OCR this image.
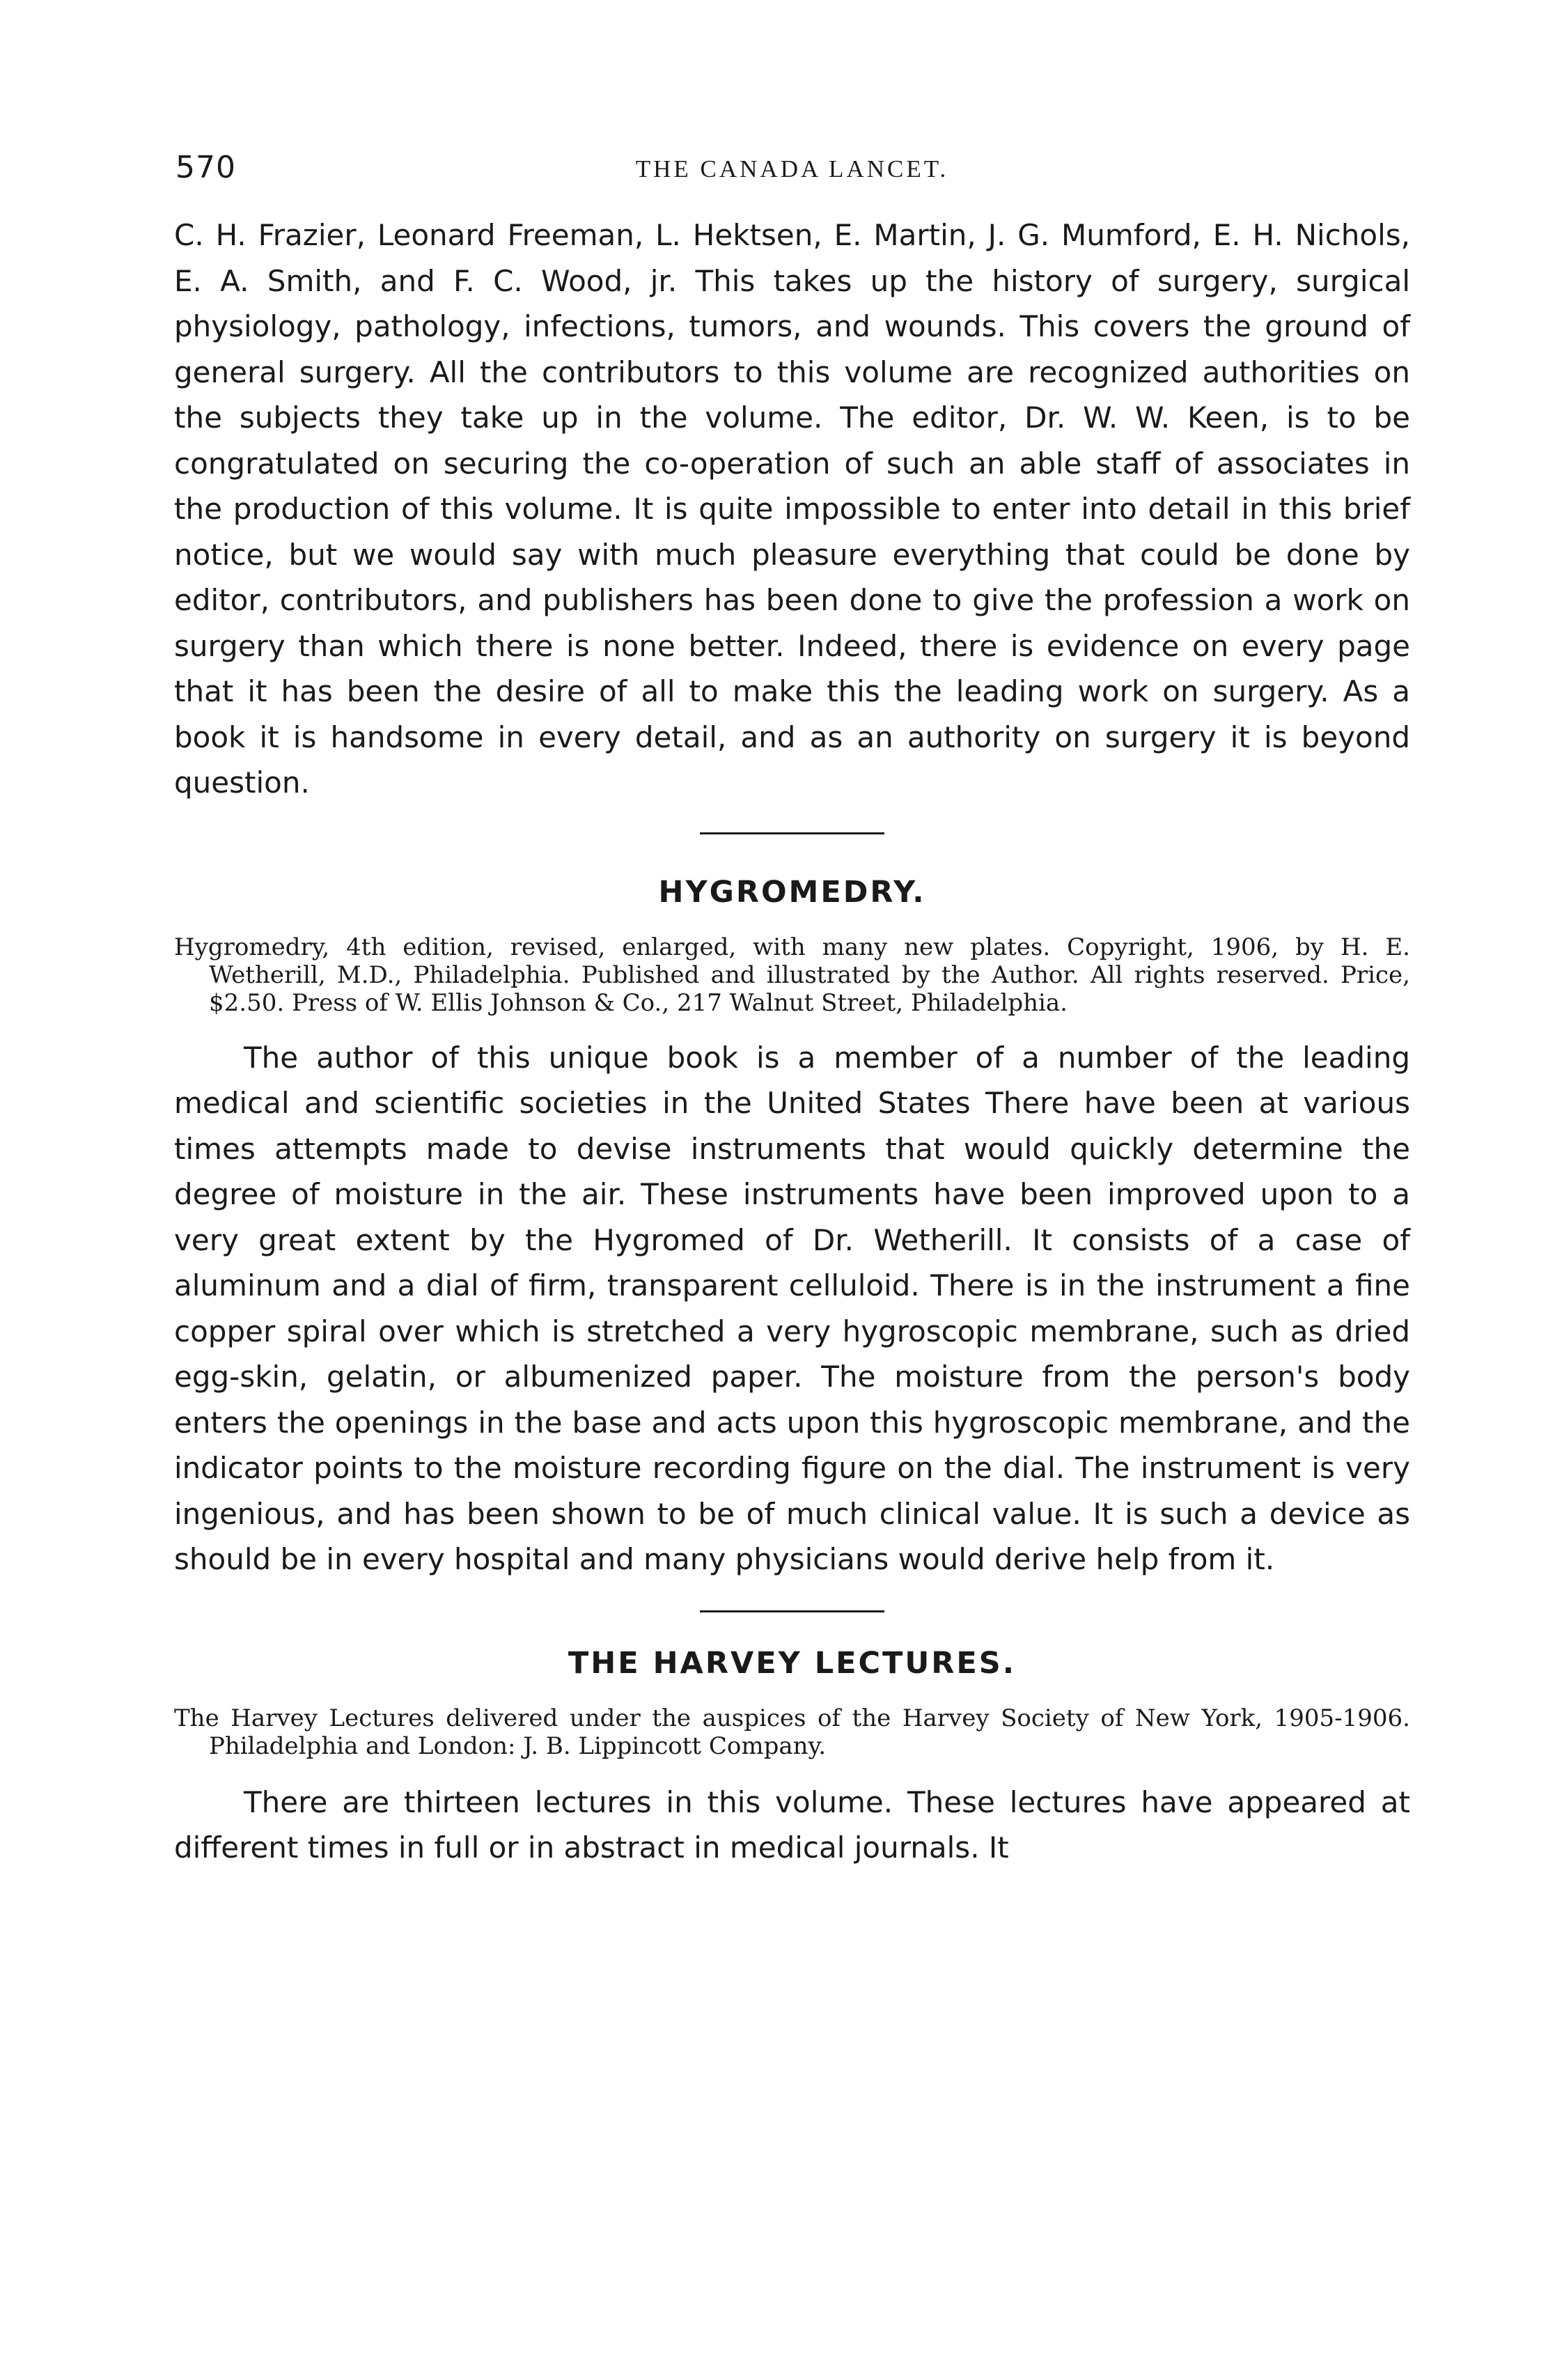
570	THE CANADA LANCET.

C. H. Frazier, Leonard Freeman, L. Hektsen, E. Martin, J. G. Mumford, E. H. Nichols, E. A. Smith, and F. C. Wood, jr. This takes up the history of surgery, surgical physiology, pathology, infections, tumors, and wounds. This covers the ground of general surgery. All the contributors to this volume are recognized authorities on the subjects they take up in the volume. The editor, Dr. W. W. Keen, is to be congratulated on securing the co-operation of such an able staff of associates in the production of this volume. It is quite impossible to enter into detail in this brief notice, but we would say with much pleasure everything that could be done by editor, contributors, and publishers has been done to give the profession a work on surgery than which there is none better. Indeed, there is evidence on every page that it has been the desire of all to make this the leading work on surgery. As a book it is handsome in every detail, and as an authority on surgery it is beyond question.

HYGROMEDRY.

Hygromedry, 4th edition, revised, enlarged, with many new plates. Copyright, 1906, by H. E. Wetherill, M.D., Philadelphia. Published and illustrated by the Author. All rights reserved. Price, $2.50. Press of W. Ellis Johnson & Co., 217 Walnut Street, Philadelphia.

The author of this unique book is a member of a number of the leading medical and scientific societies in the United States There have been at various times attempts made to devise instruments that would quickly determine the degree of moisture in the air. These instruments have been improved upon to a very great extent by the Hygromed of Dr. Wetherill. It consists of a case of aluminum and a dial of firm, transparent celluloid. There is in the instrument a fine copper spiral over which is stretched a very hygroscopic membrane, such as dried egg-skin, gelatin, or albumenized paper. The moisture from the person's body enters the openings in the base and acts upon this hygroscopic membrane, and the indicator points to the moisture recording figure on the dial. The instrument is very ingenious, and has been shown to be of much clinical value. It is such a device as should be in every hospital and many physicians would derive help from it.

THE HARVEY LECTURES.

The Harvey Lectures delivered under the auspices of the Harvey Society of New York, 1905-1906. Philadelphia and London: J. B. Lippincott Company.

There are thirteen lectures in this volume. These lectures have appeared at different times in full or in abstract in medical journals. It
